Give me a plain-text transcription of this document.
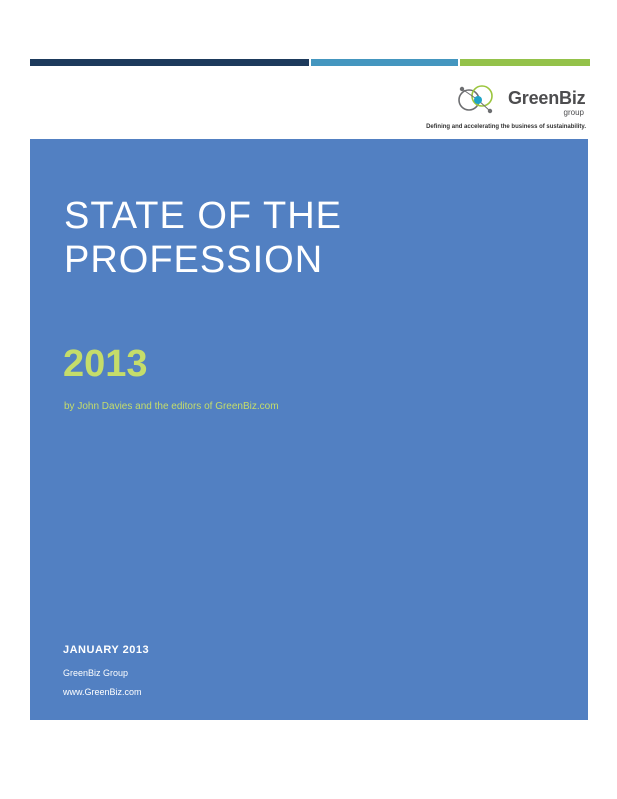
GreenBiz
group
Defining and accelerating the business of sustainability.
STATE OF THE
PROFESSION
2013
by John Davies and the editors of GreenBiz.com
JANUARY 2013
GreenBiz Group
www.GreenBiz.com
